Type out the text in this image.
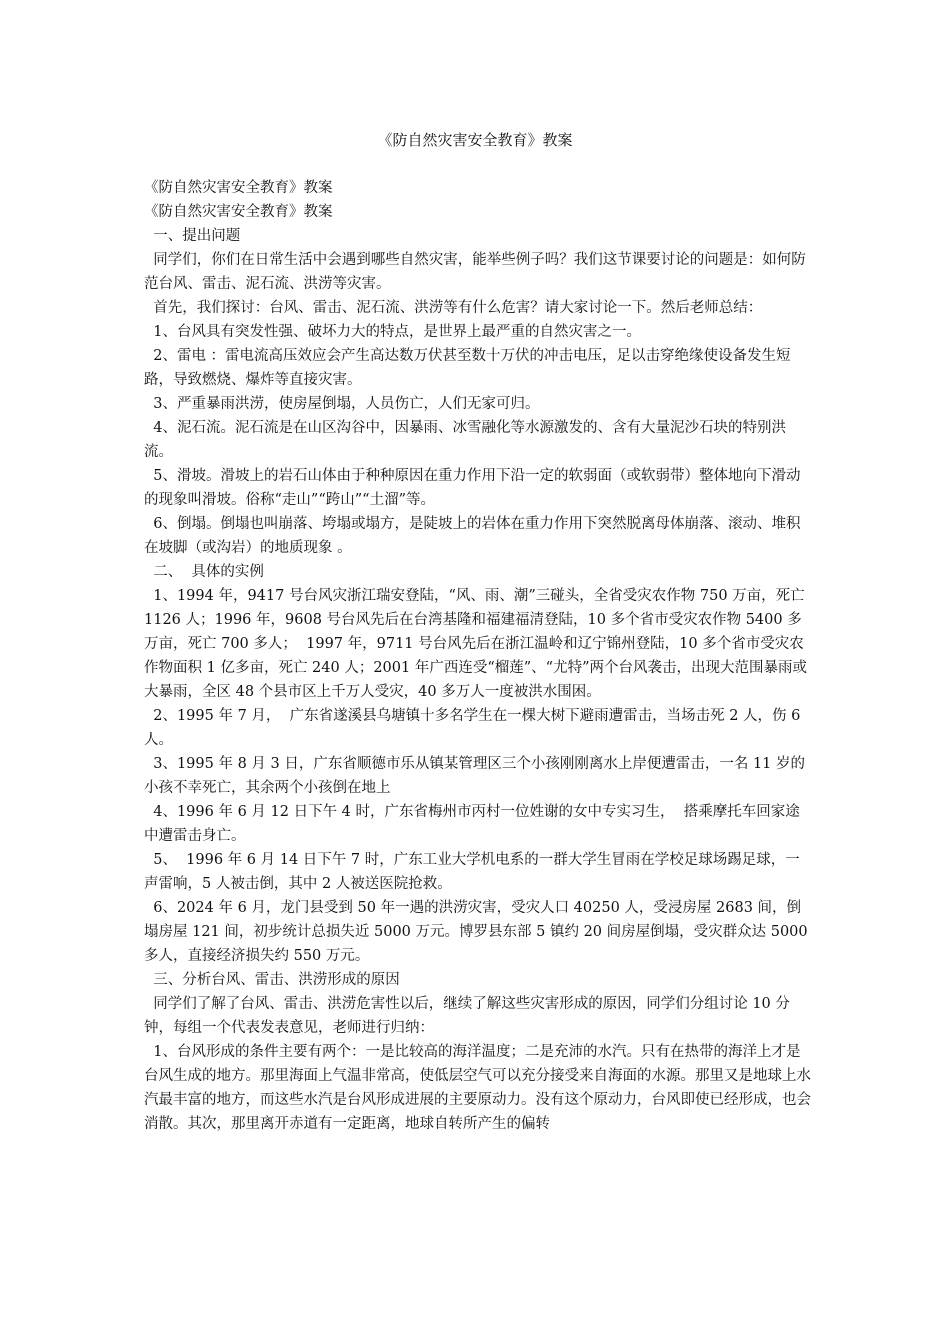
《防自然灾害安全教育》教案

《防自然灾害安全教育》教案

《防自然灾害安全教育》教案

一、提出问题

同学们，你们在日常生活中会遇到哪些自然灾害，能举些例子吗？我们这节课要讨论的问题是：如何防范台风、雷击、泥石流、洪涝等灾害。

首先，我们探讨：台风、雷击、泥石流、洪涝等有什么危害？请大家讨论一下。然后老师总结：

1、台风具有突发性强、破坏力大的特点，是世界上最严重的自然灾害之一。

2、雷电 ：雷电流高压效应会产生高达数万伏甚至数十万伏的冲击电压，足以击穿绝缘使设备发生短路，导致燃烧、爆炸等直接灾害。

3、严重暴雨洪涝，使房屋倒塌，人员伤亡，人们无家可归。

4、泥石流。泥石流是在山区沟谷中，因暴雨、冰雪融化等水源激发的、含有大量泥沙石块的特别洪流。

5、滑坡。滑坡上的岩石山体由于种种原因在重力作用下沿一定的软弱面（或软弱带）整体地向下滑动的现象叫滑坡。俗称“走山”“跨山”“土溜”等。

6、倒塌。倒塌也叫崩落、垮塌或塌方，是陡坡上的岩体在重力作用下突然脱离母体崩落、滚动、堆积在坡脚（或沟岩）的地质现象 。

二、  具体的实例

1、1994 年，9417 号台风灾浙江瑞安登陆，“风、雨、潮”三碰头，全省受灾农作物 750 万亩，死亡 1126 人；1996 年，9608 号台风先后在台湾基隆和福建福清登陆，10 多个省市受灾农作物 5400 多万亩，死亡 700 多人；  1997 年，9711 号台风先后在浙江温岭和辽宁锦州登陆，10 多个省市受灾农作物面积 1 亿多亩，死亡 240 人；2001 年广西连受“榴莲”、“尤特”两个台风袭击，出现大范围暴雨或大暴雨，全区 48 个县市区上千万人受灾，40 多万人一度被洪水围困。

2、1995 年 7 月，  广东省遂溪县乌塘镇十多名学生在一棵大树下避雨遭雷击，当场击死 2 人，伤 6 人。

3、1995 年 8 月 3 日，广东省顺德市乐从镇某管理区三个小孩刚刚离水上岸便遭雷击，一名 11 岁的小孩不幸死亡，其余两个小孩倒在地上

4、1996 年 6 月 12 日下午 4 时，广东省梅州市丙村一位姓谢的女中专实习生，  搭乘摩托车回家途中遭雷击身亡。

5、  1996 年 6 月 14 日下午 7 时，广东工业大学机电系的一群大学生冒雨在学校足球场踢足球，一声雷响，5 人被击倒，其中 2 人被送医院抢救。

6、2024 年 6 月，龙门县受到 50 年一遇的洪涝灾害，受灾人口 40250 人，受浸房屋 2683 间，倒塌房屋 121 间，初步统计总损失近 5000 万元。博罗县东部 5 镇约 20 间房屋倒塌，受灾群众达 5000 多人，直接经济损失约 550 万元。

三、分析台风、雷击、洪涝形成的原因

同学们了解了台风、雷击、洪涝危害性以后，继续了解这些灾害形成的原因，同学们分组讨论 10 分钟，每组一个代表发表意见，老师进行归纳：

1、台风形成的条件主要有两个：一是比较高的海洋温度；二是充沛的水汽。只有在热带的海洋上才是台风生成的地方。那里海面上气温非常高，使低层空气可以充分接受来自海面的水源。那里又是地球上水汽最丰富的地方，而这些水汽是台风形成进展的主要原动力。没有这个原动力，台风即使已经形成，也会消散。其次，那里离开赤道有一定距离，地球自转所产生的偏转
